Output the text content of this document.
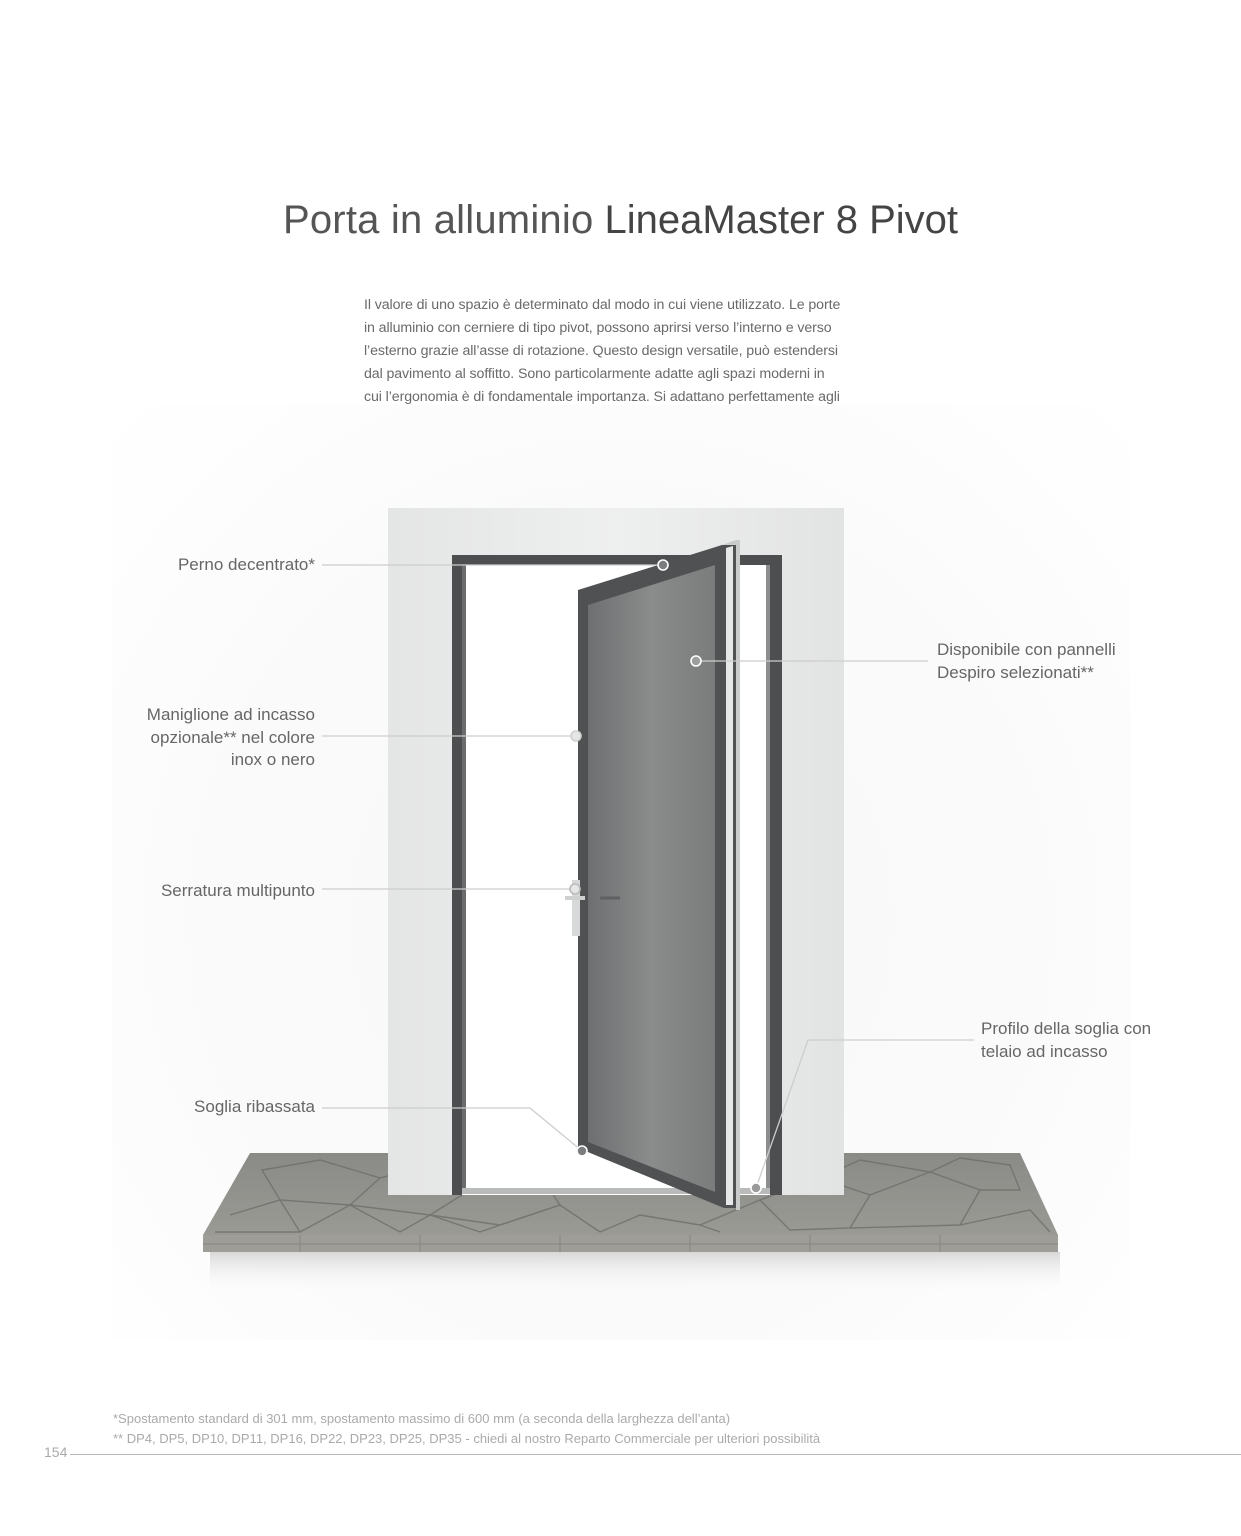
Porta in alluminio LineaMaster 8 Pivot
Il valore di uno spazio è determinato dal modo in cui viene utilizzato. Le porte
in alluminio con cerniere di tipo pivot, possono aprirsi verso l’interno e verso
l’esterno grazie all’asse di rotazione. Questo design versatile, può estendersi
dal pavimento al soffitto. Sono particolarmente adatte agli spazi moderni in
cui l’ergonomia è di fondamentale importanza. Si adattano perfettamente agli
Perno decentrato*
Maniglione ad incasso
opzionale** nel colore
inox o nero
Serratura multipunto
Soglia ribassata
Disponibile con pannelli
Despiro selezionati**
Profilo della soglia con
telaio ad incasso
*Spostamento standard di 301 mm, spostamento massimo di 600 mm (a seconda della larghezza dell’anta)
** DP4, DP5, DP10, DP11, DP16, DP22, DP23, DP25, DP35 - chiedi al nostro Reparto Commerciale per ulteriori possibilità
154
